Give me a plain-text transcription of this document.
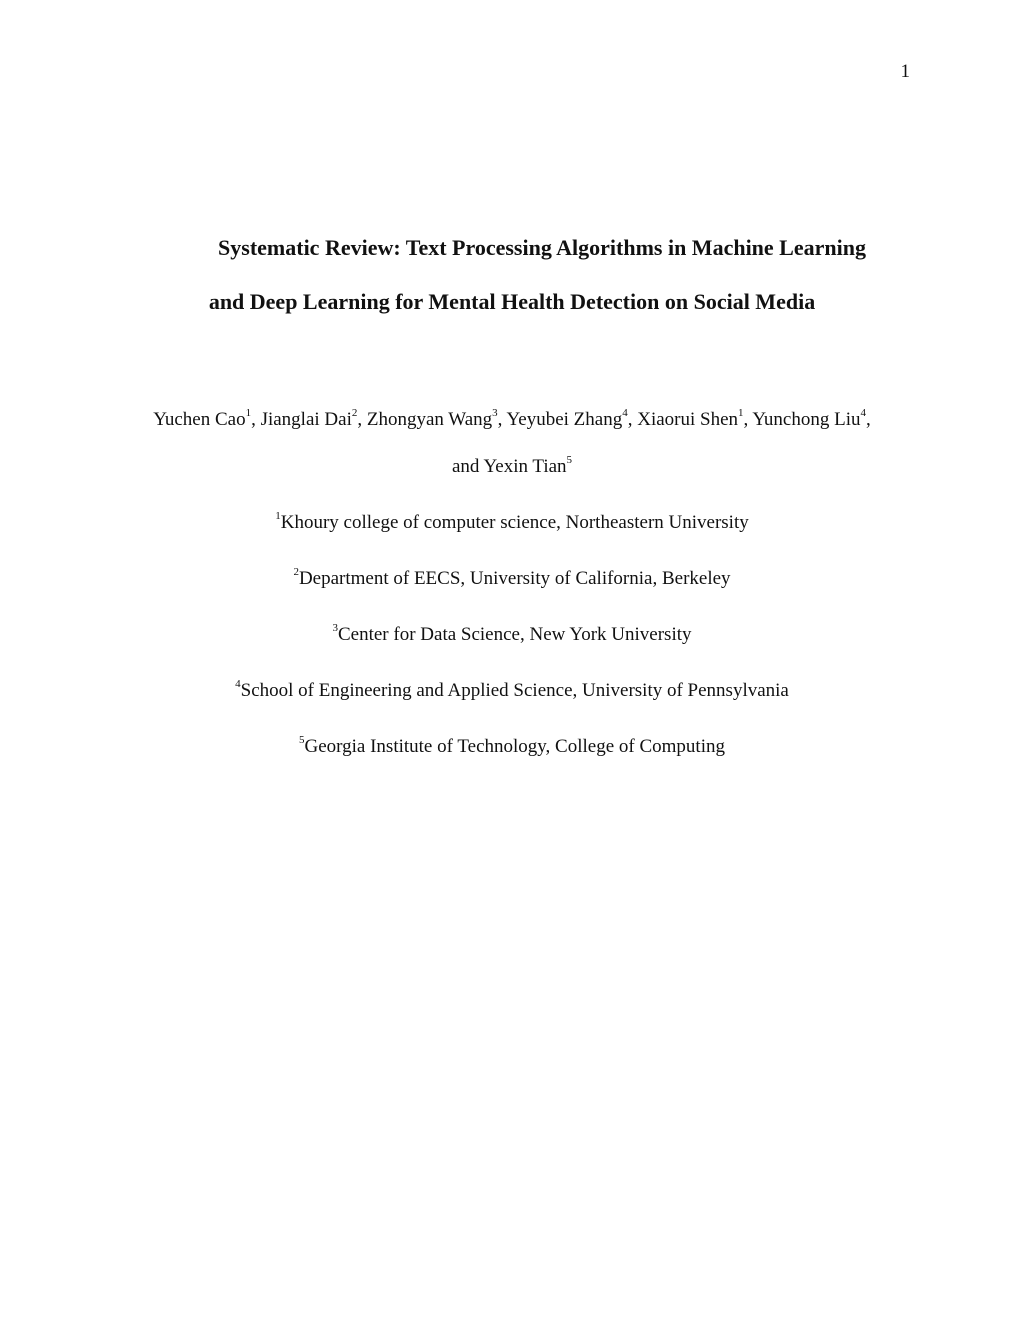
1
Systematic Review: Text Processing Algorithms in Machine Learning
and Deep Learning for Mental Health Detection on Social Media
Yuchen Cao$^1$, Jianglai Dai$^2$, Zhongyan Wang$^3$, Yeyubei Zhang$^4$, Xiaorui Shen$^1$, Yunchong Liu$^4$,
and Yexin Tian$^5$
$^1$Khoury college of computer science, Northeastern University
$^2$Department of EECS, University of California, Berkeley
$^3$Center for Data Science, New York University
$^4$School of Engineering and Applied Science, University of Pennsylvania
$^5$Georgia Institute of Technology, College of Computing
